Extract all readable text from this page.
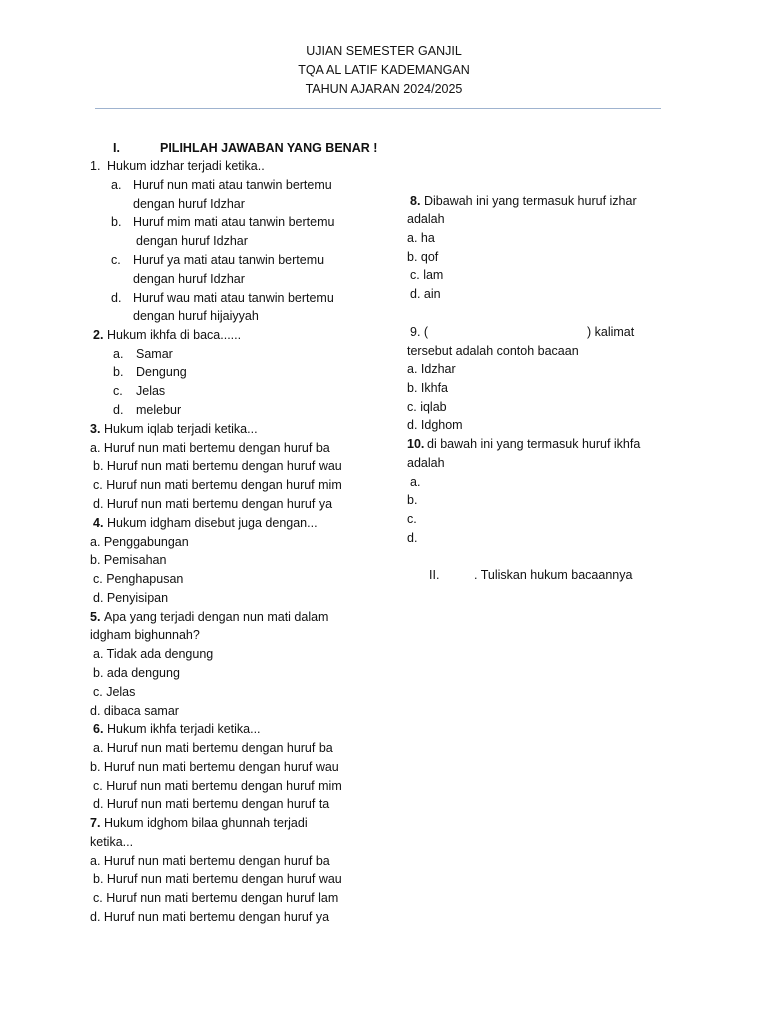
UJIAN SEMESTER GANJIL
TQA AL LATIF KADEMANGAN
TAHUN AJARAN 2024/2025
I.	PILIHLAH JAWABAN YANG BENAR !
1. Hukum idzhar terjadi ketika..
a. Huruf nun mati atau tanwin bertemu
dengan huruf Idzhar
b. Huruf mim mati atau tanwin bertemu
dengan huruf Idzhar
c. Huruf ya mati atau tanwin bertemu
dengan huruf Idzhar
d. Huruf wau mati atau tanwin bertemu
dengan huruf hijaiyyah
2. Hukum ikhfa di baca......
a. Samar
b. Dengung
c. Jelas
d. melebur
3. Hukum iqlab terjadi ketika...
a. Huruf nun mati bertemu dengan huruf ba
b. Huruf nun mati bertemu dengan huruf wau
c. Huruf nun mati bertemu dengan huruf mim
d. Huruf nun mati bertemu dengan huruf ya
4. Hukum idgham disebut juga dengan...
a. Penggabungan
b. Pemisahan
c. Penghapusan
d. Penyisipan
5. Apa yang terjadi dengan nun mati dalam
idgham bighunnah?
a. Tidak ada dengung
b. ada dengung
c. Jelas
d. dibaca samar
6. Hukum ikhfa terjadi ketika...
a. Huruf nun mati bertemu dengan huruf ba
b. Huruf nun mati bertemu dengan huruf wau
c. Huruf nun mati bertemu dengan huruf mim
d. Huruf nun mati bertemu dengan huruf ta
7. Hukum idghom bilaa ghunnah terjadi
ketika...
a. Huruf nun mati bertemu dengan huruf ba
b. Huruf nun mati bertemu dengan huruf wau
c. Huruf nun mati bertemu dengan huruf lam
d. Huruf nun mati bertemu dengan huruf ya
8. Dibawah ini yang termasuk huruf izhar
adalah
a. ha
b. qof
c. lam
d. ain
9. (	) kalimat
tersebut adalah contoh bacaan
a. Idzhar
b. Ikhfa
c. iqlab
d. Idghom
10. di bawah ini yang termasuk huruf ikhfa
adalah
a.
b.
c.
d.
II.	. Tuliskan hukum bacaannya
